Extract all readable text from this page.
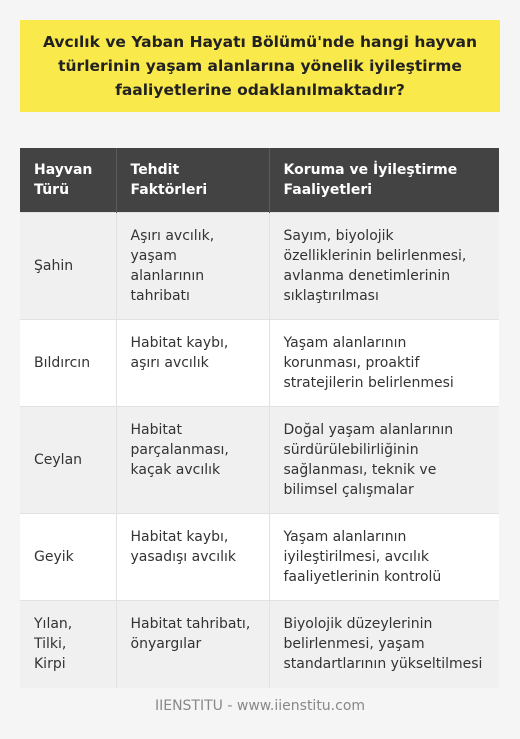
Avcılık ve Yaban Hayatı Bölümü'nde hangi hayvan türlerinin yaşam alanlarına yönelik iyileştirme faaliyetlerine odaklanılmaktadır?
Hayvan Türü	Tehdit Faktörleri	Koruma ve İyileştirme Faaliyetleri
Şahin	Aşırı avcılık, yaşam alanlarının tahribatı	Sayım, biyolojik özelliklerinin belirlenmesi, avlanma denetimlerinin sıklaştırılması
Bıldırcın	Habitat kaybı, aşırı avcılık	Yaşam alanlarının korunması, proaktif stratejilerin belirlenmesi
Ceylan	Habitat parçalanması, kaçak avcılık	Doğal yaşam alanlarının sürdürülebilirliğinin sağlanması, teknik ve bilimsel çalışmalar
Geyik	Habitat kaybı, yasadışı avcılık	Yaşam alanlarının iyileştirilmesi, avcılık faaliyetlerinin kontrolü
Yılan, Tilki, Kirpi	Habitat tahribatı, önyargılar	Biyolojik düzeylerinin belirlenmesi, yaşam standartlarının yükseltilmesi
IIENSTITU - www.iienstitu.com
